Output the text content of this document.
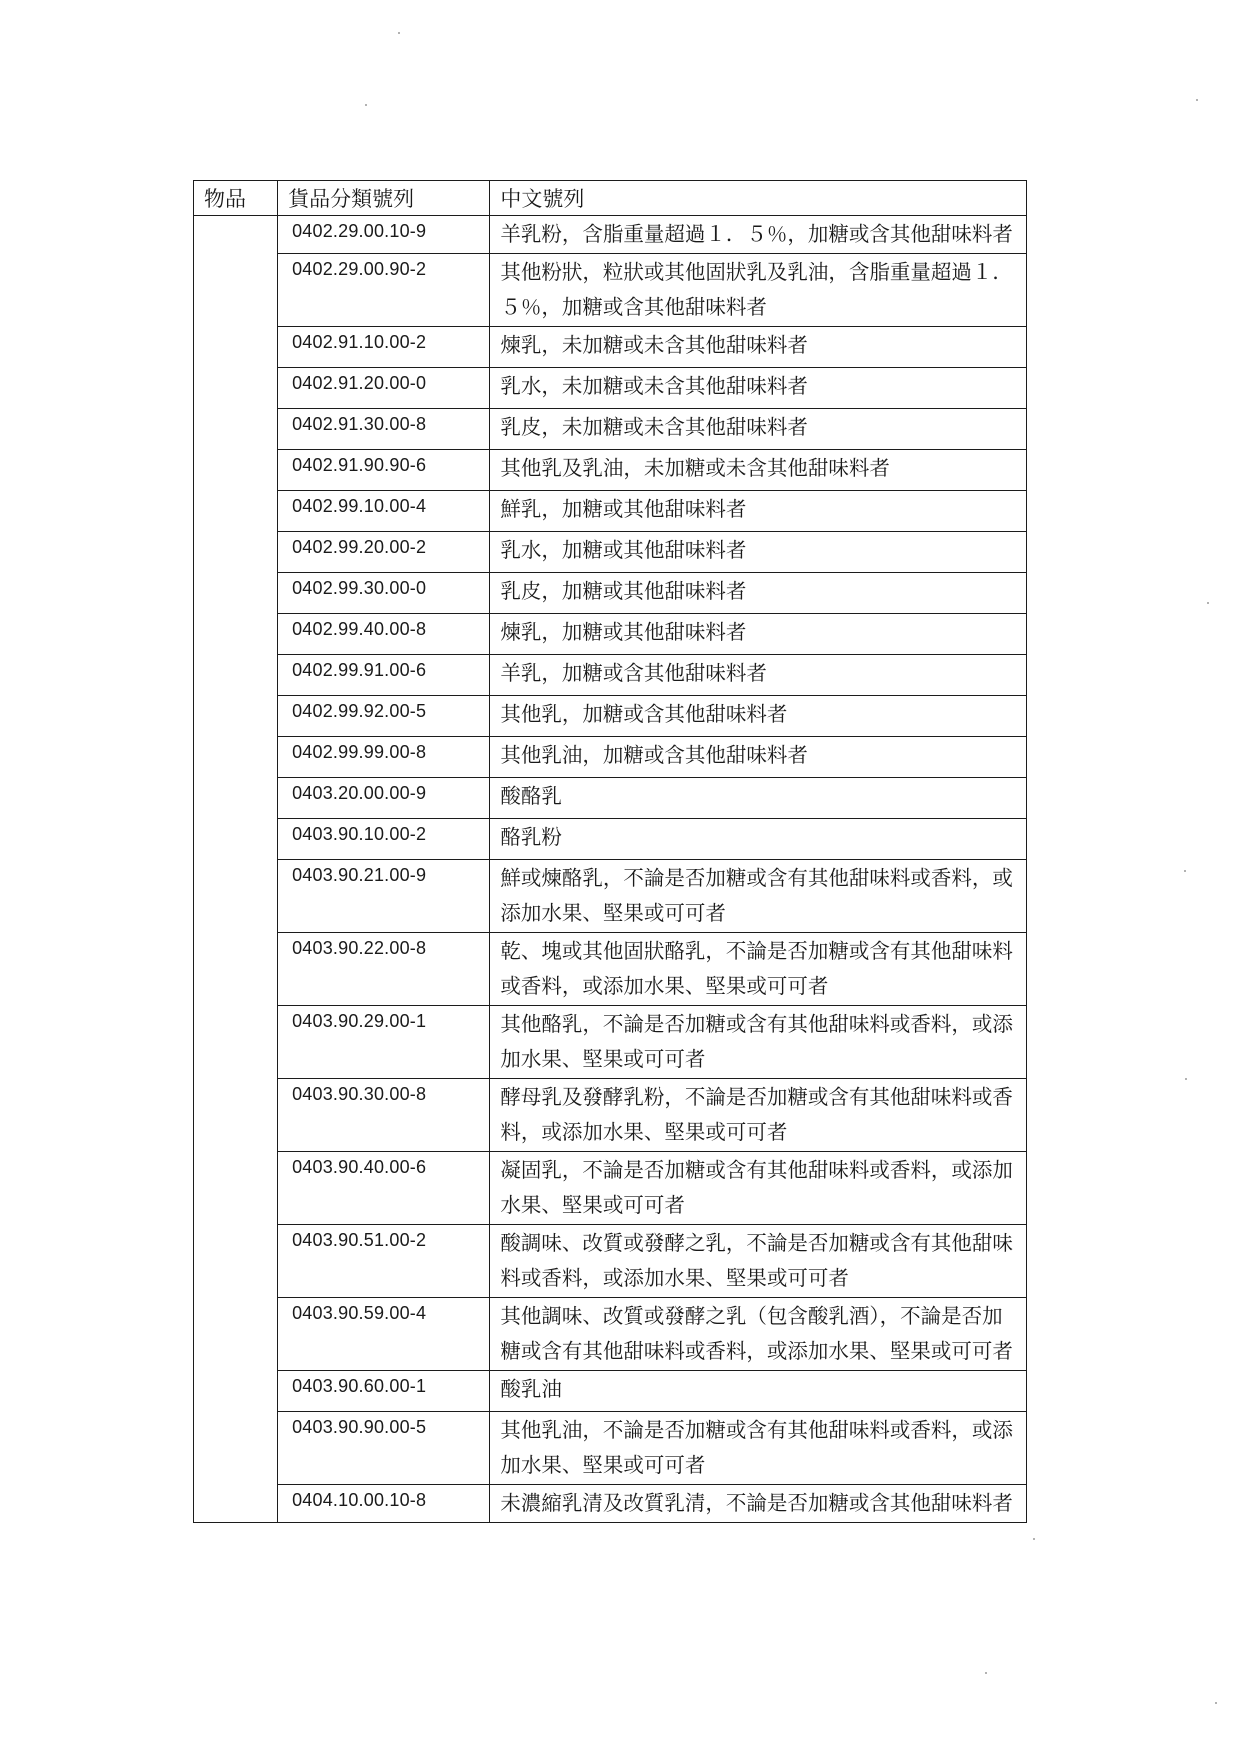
物品	貨品分類號列	中文號列
	0402.29.00.10-9	羊乳粉，含脂重量超過１．５％，加糖或含其他甜味料者
	0402.29.00.90-2	其他粉狀，粒狀或其他固狀乳及乳油，含脂重量超過１．５％，加糖或含其他甜味料者
	0402.91.10.00-2	煉乳，未加糖或未含其他甜味料者
	0402.91.20.00-0	乳水，未加糖或未含其他甜味料者
	0402.91.30.00-8	乳皮，未加糖或未含其他甜味料者
	0402.91.90.90-6	其他乳及乳油，未加糖或未含其他甜味料者
	0402.99.10.00-4	鮮乳，加糖或其他甜味料者
	0402.99.20.00-2	乳水，加糖或其他甜味料者
	0402.99.30.00-0	乳皮，加糖或其他甜味料者
	0402.99.40.00-8	煉乳，加糖或其他甜味料者
	0402.99.91.00-6	羊乳，加糖或含其他甜味料者
	0402.99.92.00-5	其他乳，加糖或含其他甜味料者
	0402.99.99.00-8	其他乳油，加糖或含其他甜味料者
	0403.20.00.00-9	酸酪乳
	0403.90.10.00-2	酪乳粉
	0403.90.21.00-9	鮮或煉酪乳，不論是否加糖或含有其他甜味料或香料，或添加水果、堅果或可可者
	0403.90.22.00-8	乾、塊或其他固狀酪乳，不論是否加糖或含有其他甜味料或香料，或添加水果、堅果或可可者
	0403.90.29.00-1	其他酪乳，不論是否加糖或含有其他甜味料或香料，或添加水果、堅果或可可者
	0403.90.30.00-8	酵母乳及發酵乳粉，不論是否加糖或含有其他甜味料或香料，或添加水果、堅果或可可者
	0403.90.40.00-6	凝固乳，不論是否加糖或含有其他甜味料或香料，或添加水果、堅果或可可者
	0403.90.51.00-2	酸調味、改質或發酵之乳，不論是否加糖或含有其他甜味料或香料，或添加水果、堅果或可可者
	0403.90.59.00-4	其他調味、改質或發酵之乳（包含酸乳酒），不論是否加糖或含有其他甜味料或香料，或添加水果、堅果或可可者
	0403.90.60.00-1	酸乳油
	0403.90.90.00-5	其他乳油，不論是否加糖或含有其他甜味料或香料，或添加水果、堅果或可可者
	0404.10.00.10-8	未濃縮乳清及改質乳清，不論是否加糖或含其他甜味料者
